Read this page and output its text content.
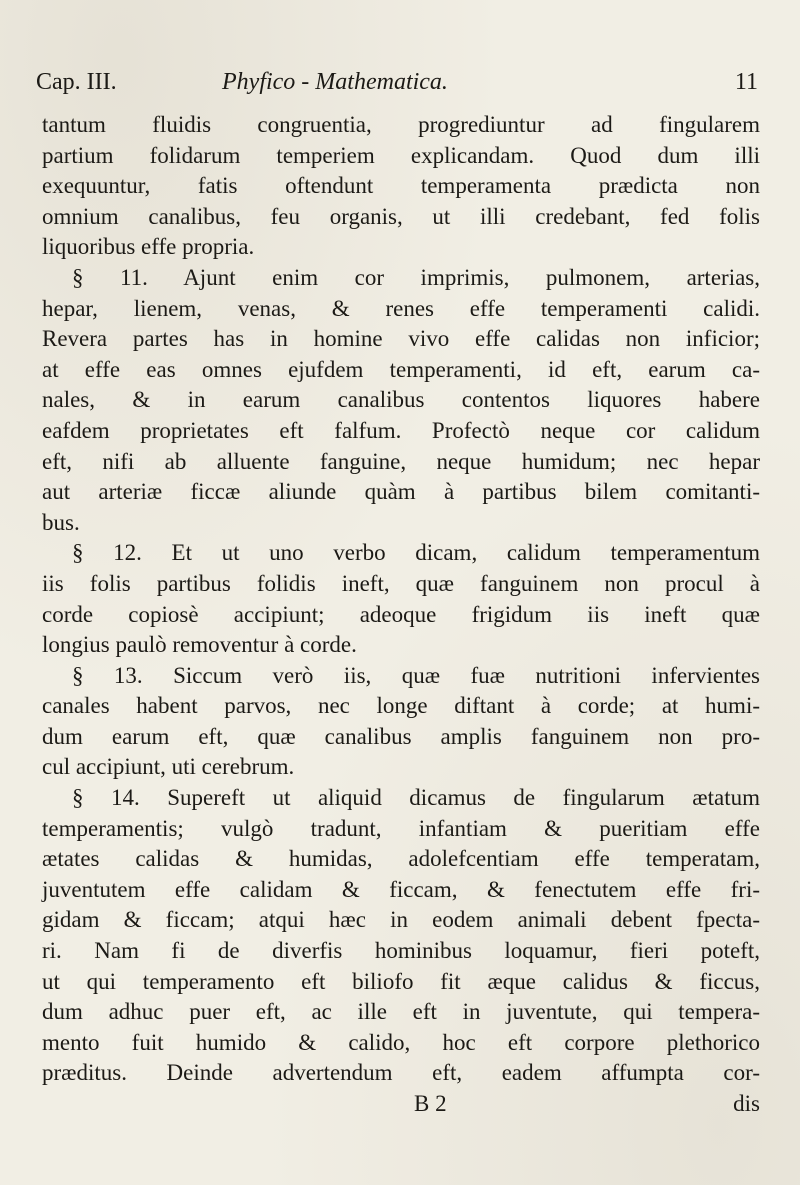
Cap. III.	Phyfico - Mathematica.	11
tantum fluidis congruentia, progrediuntur ad fingularem
partium folidarum temperiem explicandam. Quod dum illi
exequuntur, fatis oftendunt temperamenta prædicta non
omnium canalibus, feu organis, ut illi credebant, fed folis
liquoribus effe propria.
§ 11. Ajunt enim cor imprimis, pulmonem, arterias,
hepar, lienem, venas, & renes effe temperamenti calidi.
Revera partes has in homine vivo effe calidas non inficior;
at effe eas omnes ejufdem temperamenti, id eft, earum ca-
nales, & in earum canalibus contentos liquores habere
eafdem proprietates eft falfum. Profectò neque cor calidum
eft, nifi ab alluente fanguine, neque humidum; nec hepar
aut arteriæ ficcæ aliunde quàm à partibus bilem comitanti-
bus.
§ 12. Et ut uno verbo dicam, calidum temperamentum
iis folis partibus folidis ineft, quæ fanguinem non procul à
corde copiosè accipiunt; adeoque frigidum iis ineft quæ
longius paulò removentur à corde.
§ 13. Siccum verò iis, quæ fuæ nutritioni infervientes
canales habent parvos, nec longe diftant à corde; at humi-
dum earum eft, quæ canalibus amplis fanguinem non pro-
cul accipiunt, uti cerebrum.
§ 14. Supereft ut aliquid dicamus de fingularum ætatum
temperamentis; vulgò tradunt, infantiam & pueritiam effe
ætates calidas & humidas, adolefcentiam effe temperatam,
juventutem effe calidam & ficcam, & fenectutem effe fri-
gidam & ficcam; atqui hæc in eodem animali debent fpecta-
ri. Nam fi de diverfis hominibus loquamur, fieri poteft,
ut qui temperamento eft biliofo fit æque calidus & ficcus,
dum adhuc puer eft, ac ille eft in juventute, qui tempera-
mento fuit humido & calido, hoc eft corpore plethorico
præditus. Deinde advertendum eft, eadem affumpta cor-
B 2	dis
